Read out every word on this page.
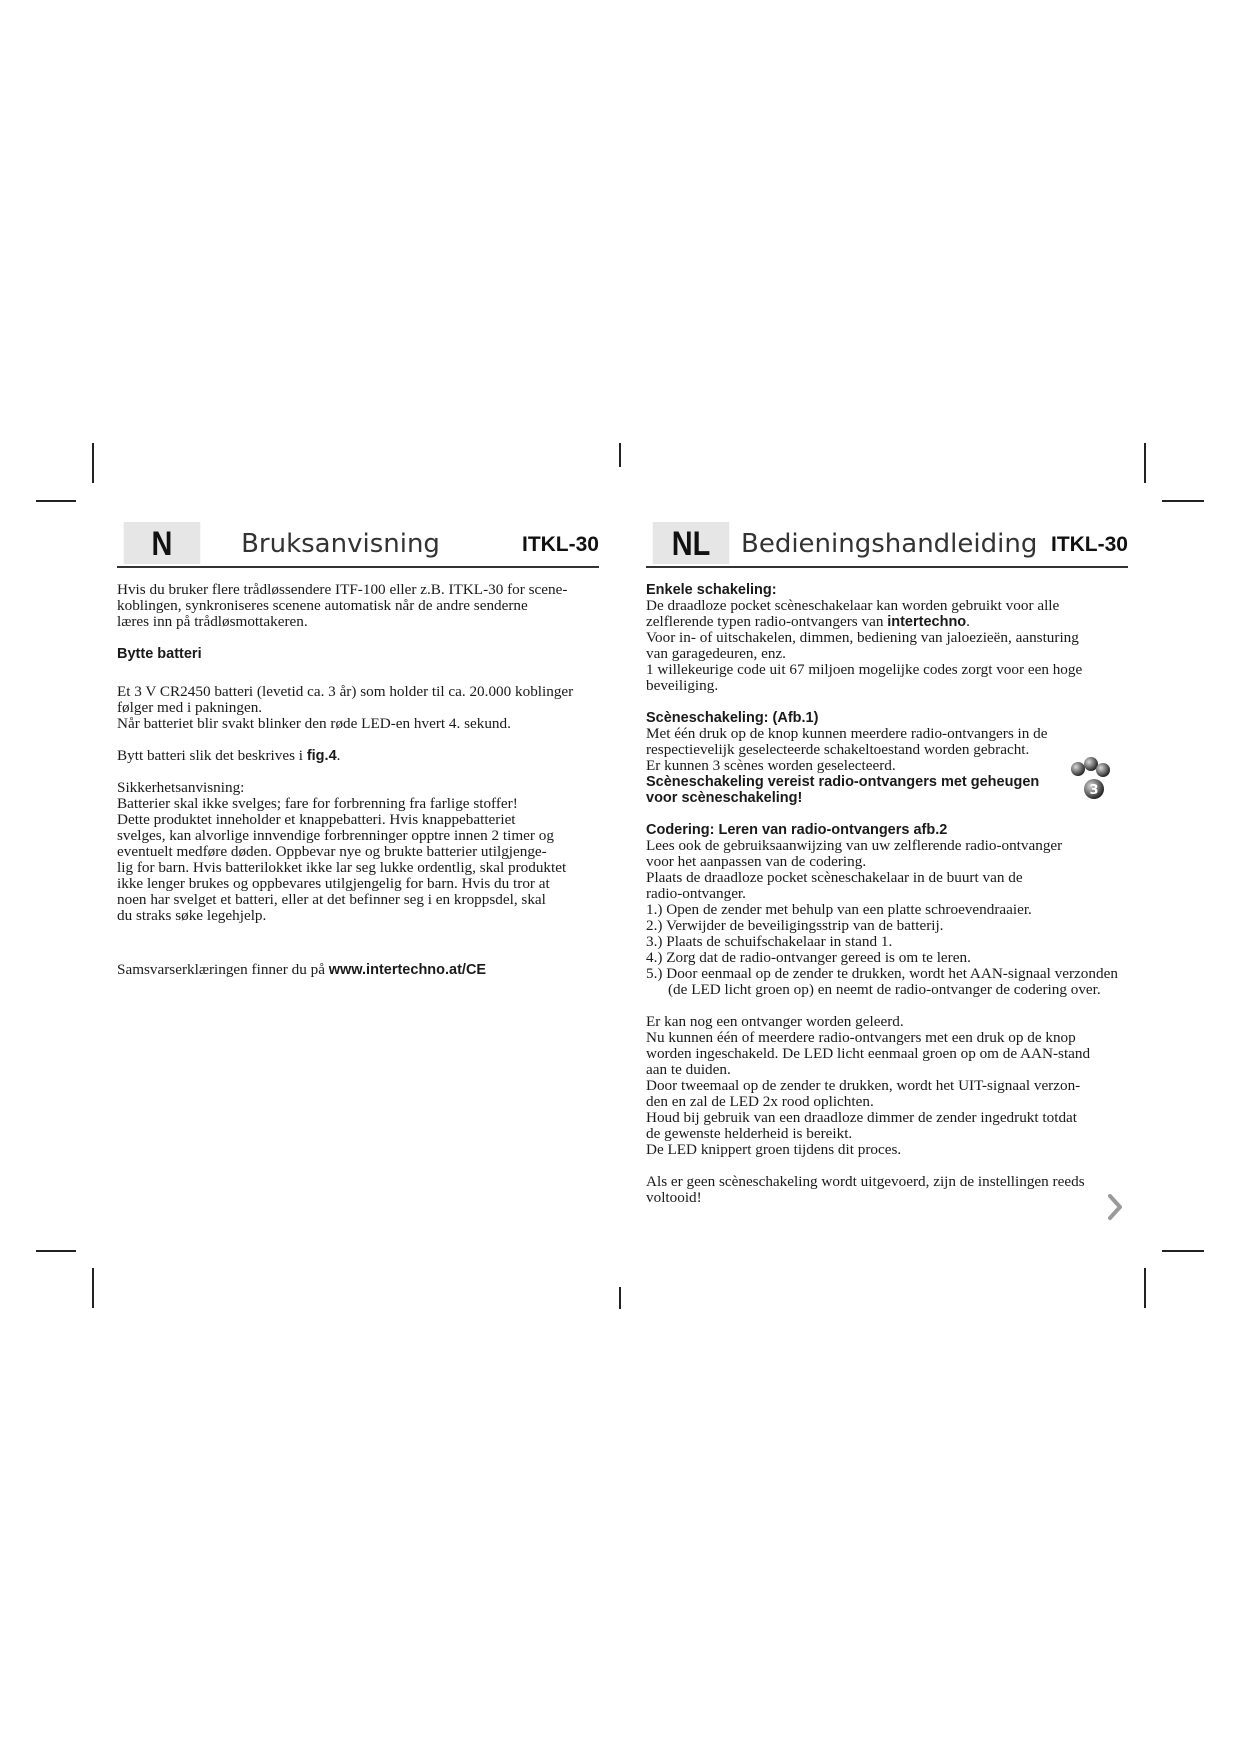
N	Bruksanvisning	ITKL-30

Hvis du bruker flere trådløssendere ITF-100 eller z.B. ITKL-30 for scene-

koblingen, synkroniseres scenene automatisk når de andre senderne

læres inn på trådløsmottakeren.

Bytte batteri

Et 3 V CR2450 batteri (levetid ca. 3 år) som holder til ca. 20.000 koblinger

følger med i pakningen.

Når batteriet blir svakt blinker den røde LED-en hvert 4. sekund.

Bytt batteri slik det beskrives i fig.4.

Sikkerhetsanvisning:

Batterier skal ikke svelges; fare for forbrenning fra farlige stoffer!

Dette produktet inneholder et knappebatteri. Hvis knappebatteriet

svelges, kan alvorlige innvendige forbrenninger opptre innen 2 timer og

eventuelt medføre døden. Oppbevar nye og brukte batterier utilgjenge-

lig for barn. Hvis batterilokket ikke lar seg lukke ordentlig, skal produktet

ikke lenger brukes og oppbevares utilgjengelig for barn. Hvis du tror at

noen har svelget et batteri, eller at det befinner seg i en kroppsdel, skal

du straks søke legehjelp.

Samsvarserklæringen finner du på www.intertechno.at/CE

NL	Bedieningshandleiding ITKL-30

Enkele schakeling:

De draadloze pocket scèneschakelaar kan worden gebruikt voor alle

zelflerende typen radio-ontvangers van intertechno.

Voor in- of uitschakelen, dimmen, bediening van jaloezieën, aansturing

van garagedeuren, enz.

1 willekeurige code uit 67 miljoen mogelijke codes zorgt voor een hoge

beveiliging.

Scèneschakeling: (Afb.1)

Met één druk op de knop kunnen meerdere radio-ontvangers in de

respectievelijk geselecteerde schakeltoestand worden gebracht.

Er kunnen 3 scènes worden geselecteerd.

Scèneschakeling vereist radio-ontvangers met geheugen

voor scèneschakeling!	3

Codering: Leren van radio-ontvangers afb.2

Lees ook de gebruiksaanwijzing van uw zelflerende radio-ontvanger

voor het aanpassen van de codering.

Plaats de draadloze pocket scèneschakelaar in de buurt van de

radio-ontvanger.

1.) Open de zender met behulp van een platte schroevendraaier.

2.) Verwijder de beveiligingsstrip van de batterij.

3.) Plaats de schuifschakelaar in stand 1.

4.) Zorg dat de radio-ontvanger gereed is om te leren.

5.) Door eenmaal op de zender te drukken, wordt het AAN-signaal verzonden (de LED licht groen op) en neemt de radio-ontvanger de codering over.

Er kan nog een ontvanger worden geleerd.

Nu kunnen één of meerdere radio-ontvangers met een druk op de knop

worden ingeschakeld. De LED licht eenmaal groen op om de AAN-stand

aan te duiden.

Door tweemaal op de zender te drukken, wordt het UIT-signaal verzon-

den en zal de LED 2x rood oplichten.

Houd bij gebruik van een draadloze dimmer de zender ingedrukt totdat

de gewenste helderheid is bereikt.

De LED knippert groen tijdens dit proces.

Als er geen scèneschakeling wordt uitgevoerd, zijn de instellingen reeds

voltooid!
